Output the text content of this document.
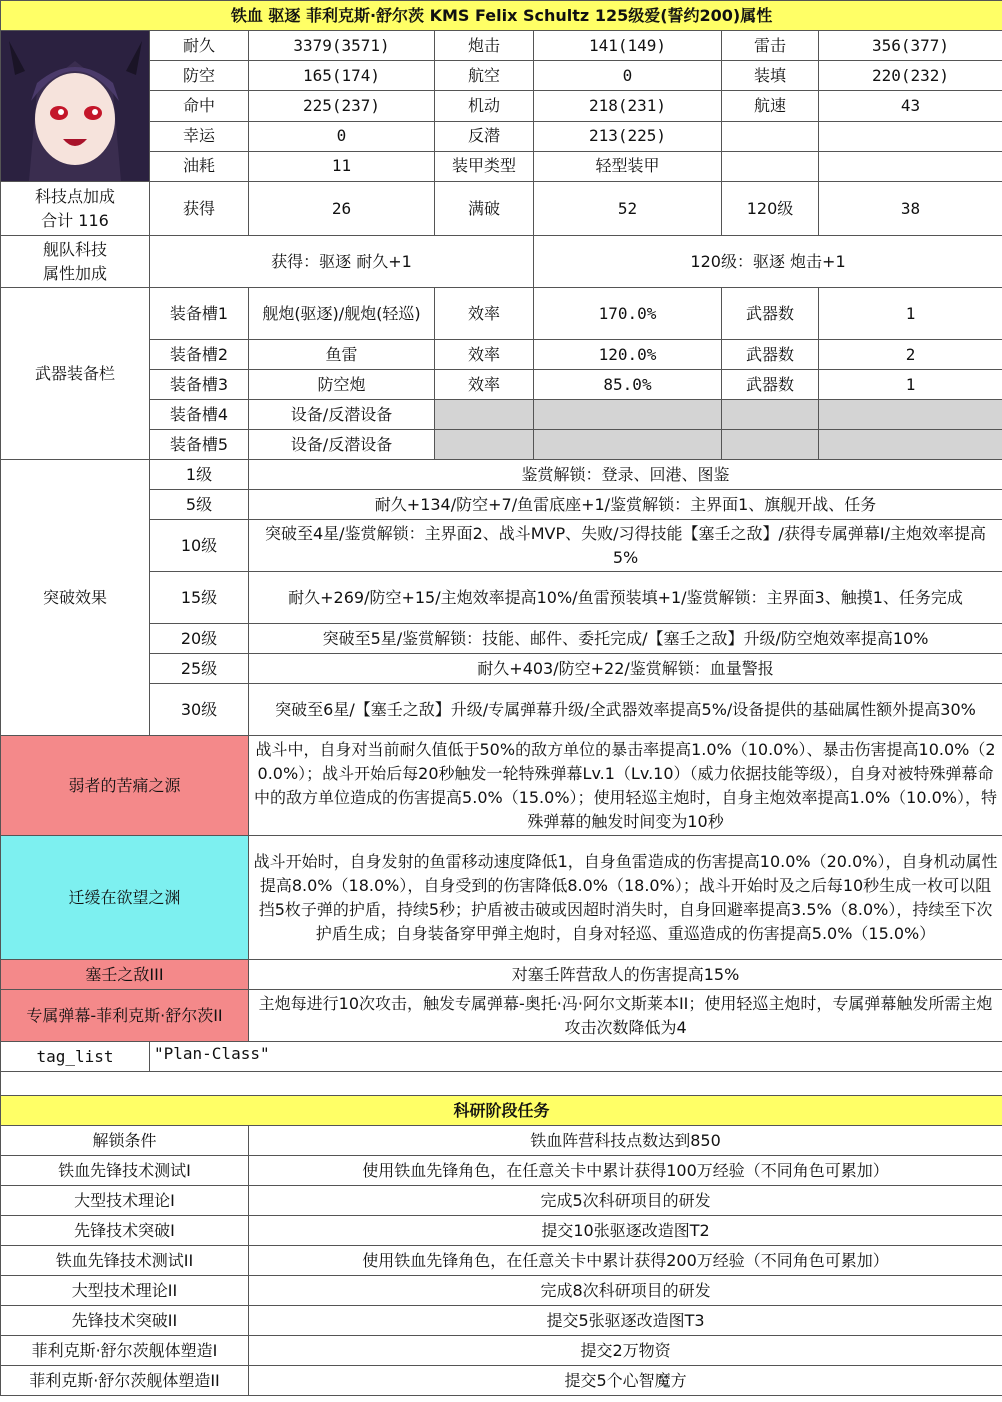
铁血 驱逐 菲利克斯·舒尔茨 KMS Felix Schultz 125级爱(誓约200)属性						

	耐久	3379(3571)	炮击	141(149)	雷击	356(377)
	防空	165(174)	航空	0	装填	220(232)
	命中	225(237)	机动	218(231)	航速	43
	幸运	0	反潜	213(225)		
	油耗	11	装甲类型	轻型装甲		

科技点加成
合计 116	获得	26	满破	52	120级	38

舰队科技
属性加成	获得：驱逐 耐久+1			120级：驱逐 炮击+1		
武器装备栏	装备槽1	舰炮(驱逐)/舰炮(轻巡)	效率	170.0%	武器数	1
	装备槽2	鱼雷	效率	120.0%	武器数	2
	装备槽3	防空炮	效率	85.0%	武器数	1
	装备槽4	设备/反潜设备				
	装备槽5	设备/反潜设备				
突破效果	1级	鉴赏解锁：登录、回港、图鉴				
	5级	耐久+134/防空+7/鱼雷底座+1/鉴赏解锁：主界面1、旗舰开战、任务				
	10级	突破至4星/鉴赏解锁：主界面2、战斗MVP、失败/习得技能【塞壬之敌】/获得专属弹幕I/主炮效率提高5%				
	15级	耐久+269/防空+15/主炮效率提高10%/鱼雷预装填+1/鉴赏解锁：主界面3、触摸1、任务完成				
	20级	突破至5星/鉴赏解锁：技能、邮件、委托完成/【塞壬之敌】升级/防空炮效率提高10%				
	25级	耐久+403/防空+22/鉴赏解锁：血量警报				
	30级	突破至6星/【塞壬之敌】升级/专属弹幕升级/全武器效率提高5%/设备提供的基础属性额外提高30%				
弱者的苦痛之源		战斗中，自身对当前耐久值低于50%的敌方单位的暴击率提高1.0%（10.0%）、暴击伤害提高10.0%（20.0%）；战斗开始后每20秒触发一轮特殊弹幕Lv.1（Lv.10）（威力依据技能等级），自身对被特殊弹幕命中的敌方单位造成的伤害提高5.0%（15.0%）；使用轻巡主炮时，自身主炮效率提高1.0%（10.0%），特殊弹幕的触发时间变为10秒				
迁缓在欲望之渊		战斗开始时，自身发射的鱼雷移动速度降低1，自身鱼雷造成的伤害提高10.0%（20.0%），自身机动属性提高8.0%（18.0%），自身受到的伤害降低8.0%（18.0%）；战斗开始时及之后每10秒生成一枚可以阻挡5枚子弹的护盾，持续5秒；护盾被击破或因超时消失时，自身回避率提高3.5%（8.0%），持续至下次护盾生成；自身装备穿甲弹主炮时，自身对轻巡、重巡造成的伤害提高5.0%（15.0%）				
塞壬之敌III		对塞壬阵营敌人的伤害提高15%				
专属弹幕-菲利克斯·舒尔茨II		主炮每进行10次攻击，触发专属弹幕-奥托·冯·阿尔文斯莱本II；使用轻巡主炮时，专属弹幕触发所需主炮攻击次数降低为4				
tag_list	"Plan-Class"					

科研阶段任务						
解锁条件		铁血阵营科技点数达到850				
铁血先锋技术测试I		使用铁血先锋角色，在任意关卡中累计获得100万经验（不同角色可累加）				
大型技术理论I		完成5次科研项目的研发				
先锋技术突破I		提交10张驱逐改造图T2				
铁血先锋技术测试II		使用铁血先锋角色，在任意关卡中累计获得200万经验（不同角色可累加）				
大型技术理论II		完成8次科研项目的研发				
先锋技术突破II		提交5张驱逐改造图T3				
菲利克斯·舒尔茨舰体塑造I		提交2万物资				
菲利克斯·舒尔茨舰体塑造II		提交5个心智魔方				
